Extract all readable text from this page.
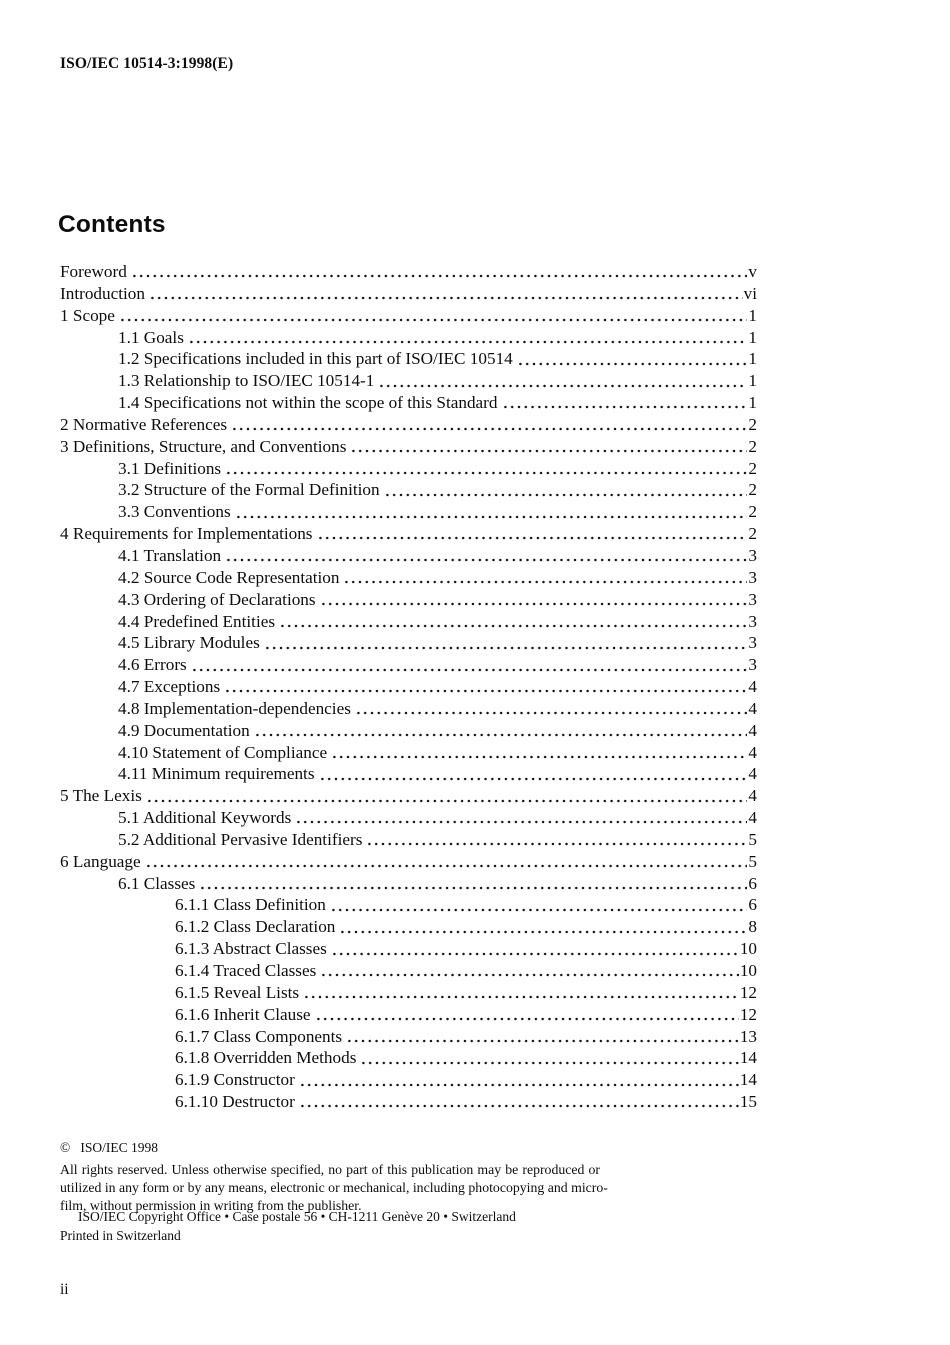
ISO/IEC 10514-3:1998(E)
Contents
Foreword	v
Introduction	vi
1 Scope	1
1.1 Goals	1
1.2 Specifications included in this part of ISO/IEC 10514	1
1.3 Relationship to ISO/IEC 10514-1	1
1.4 Specifications not within the scope of this Standard	1
2 Normative References	2
3 Definitions, Structure, and Conventions	2
3.1 Definitions	2
3.2 Structure of the Formal Definition	2
3.3 Conventions	2
4 Requirements for Implementations	2
4.1 Translation	3
4.2 Source Code Representation	3
4.3 Ordering of Declarations	3
4.4 Predefined Entities	3
4.5 Library Modules	3
4.6 Errors	3
4.7 Exceptions	4
4.8 Implementation-dependencies	4
4.9 Documentation	4
4.10 Statement of Compliance	4
4.11 Minimum requirements	4
5 The Lexis	4
5.1 Additional Keywords	4
5.2 Additional Pervasive Identifiers	5
6 Language	5
6.1 Classes	6
6.1.1 Class Definition	6
6.1.2 Class Declaration	8
6.1.3 Abstract Classes	10
6.1.4 Traced Classes	10
6.1.5 Reveal Lists	12
6.1.6 Inherit Clause	12
6.1.7 Class Components	13
6.1.8 Overridden Methods	14
6.1.9 Constructor	14
6.1.10 Destructor	15
©   ISO/IEC 1998
All rights reserved. Unless otherwise specified, no part of this publication may be reproduced or
utilized in any form or by any means, electronic or mechanical, including photocopying and micro-
film, without permission in writing from the publisher.
ISO/IEC Copyright Office • Case postale 56 • CH-1211 Genève 20 • Switzerland
Printed in Switzerland
ii
